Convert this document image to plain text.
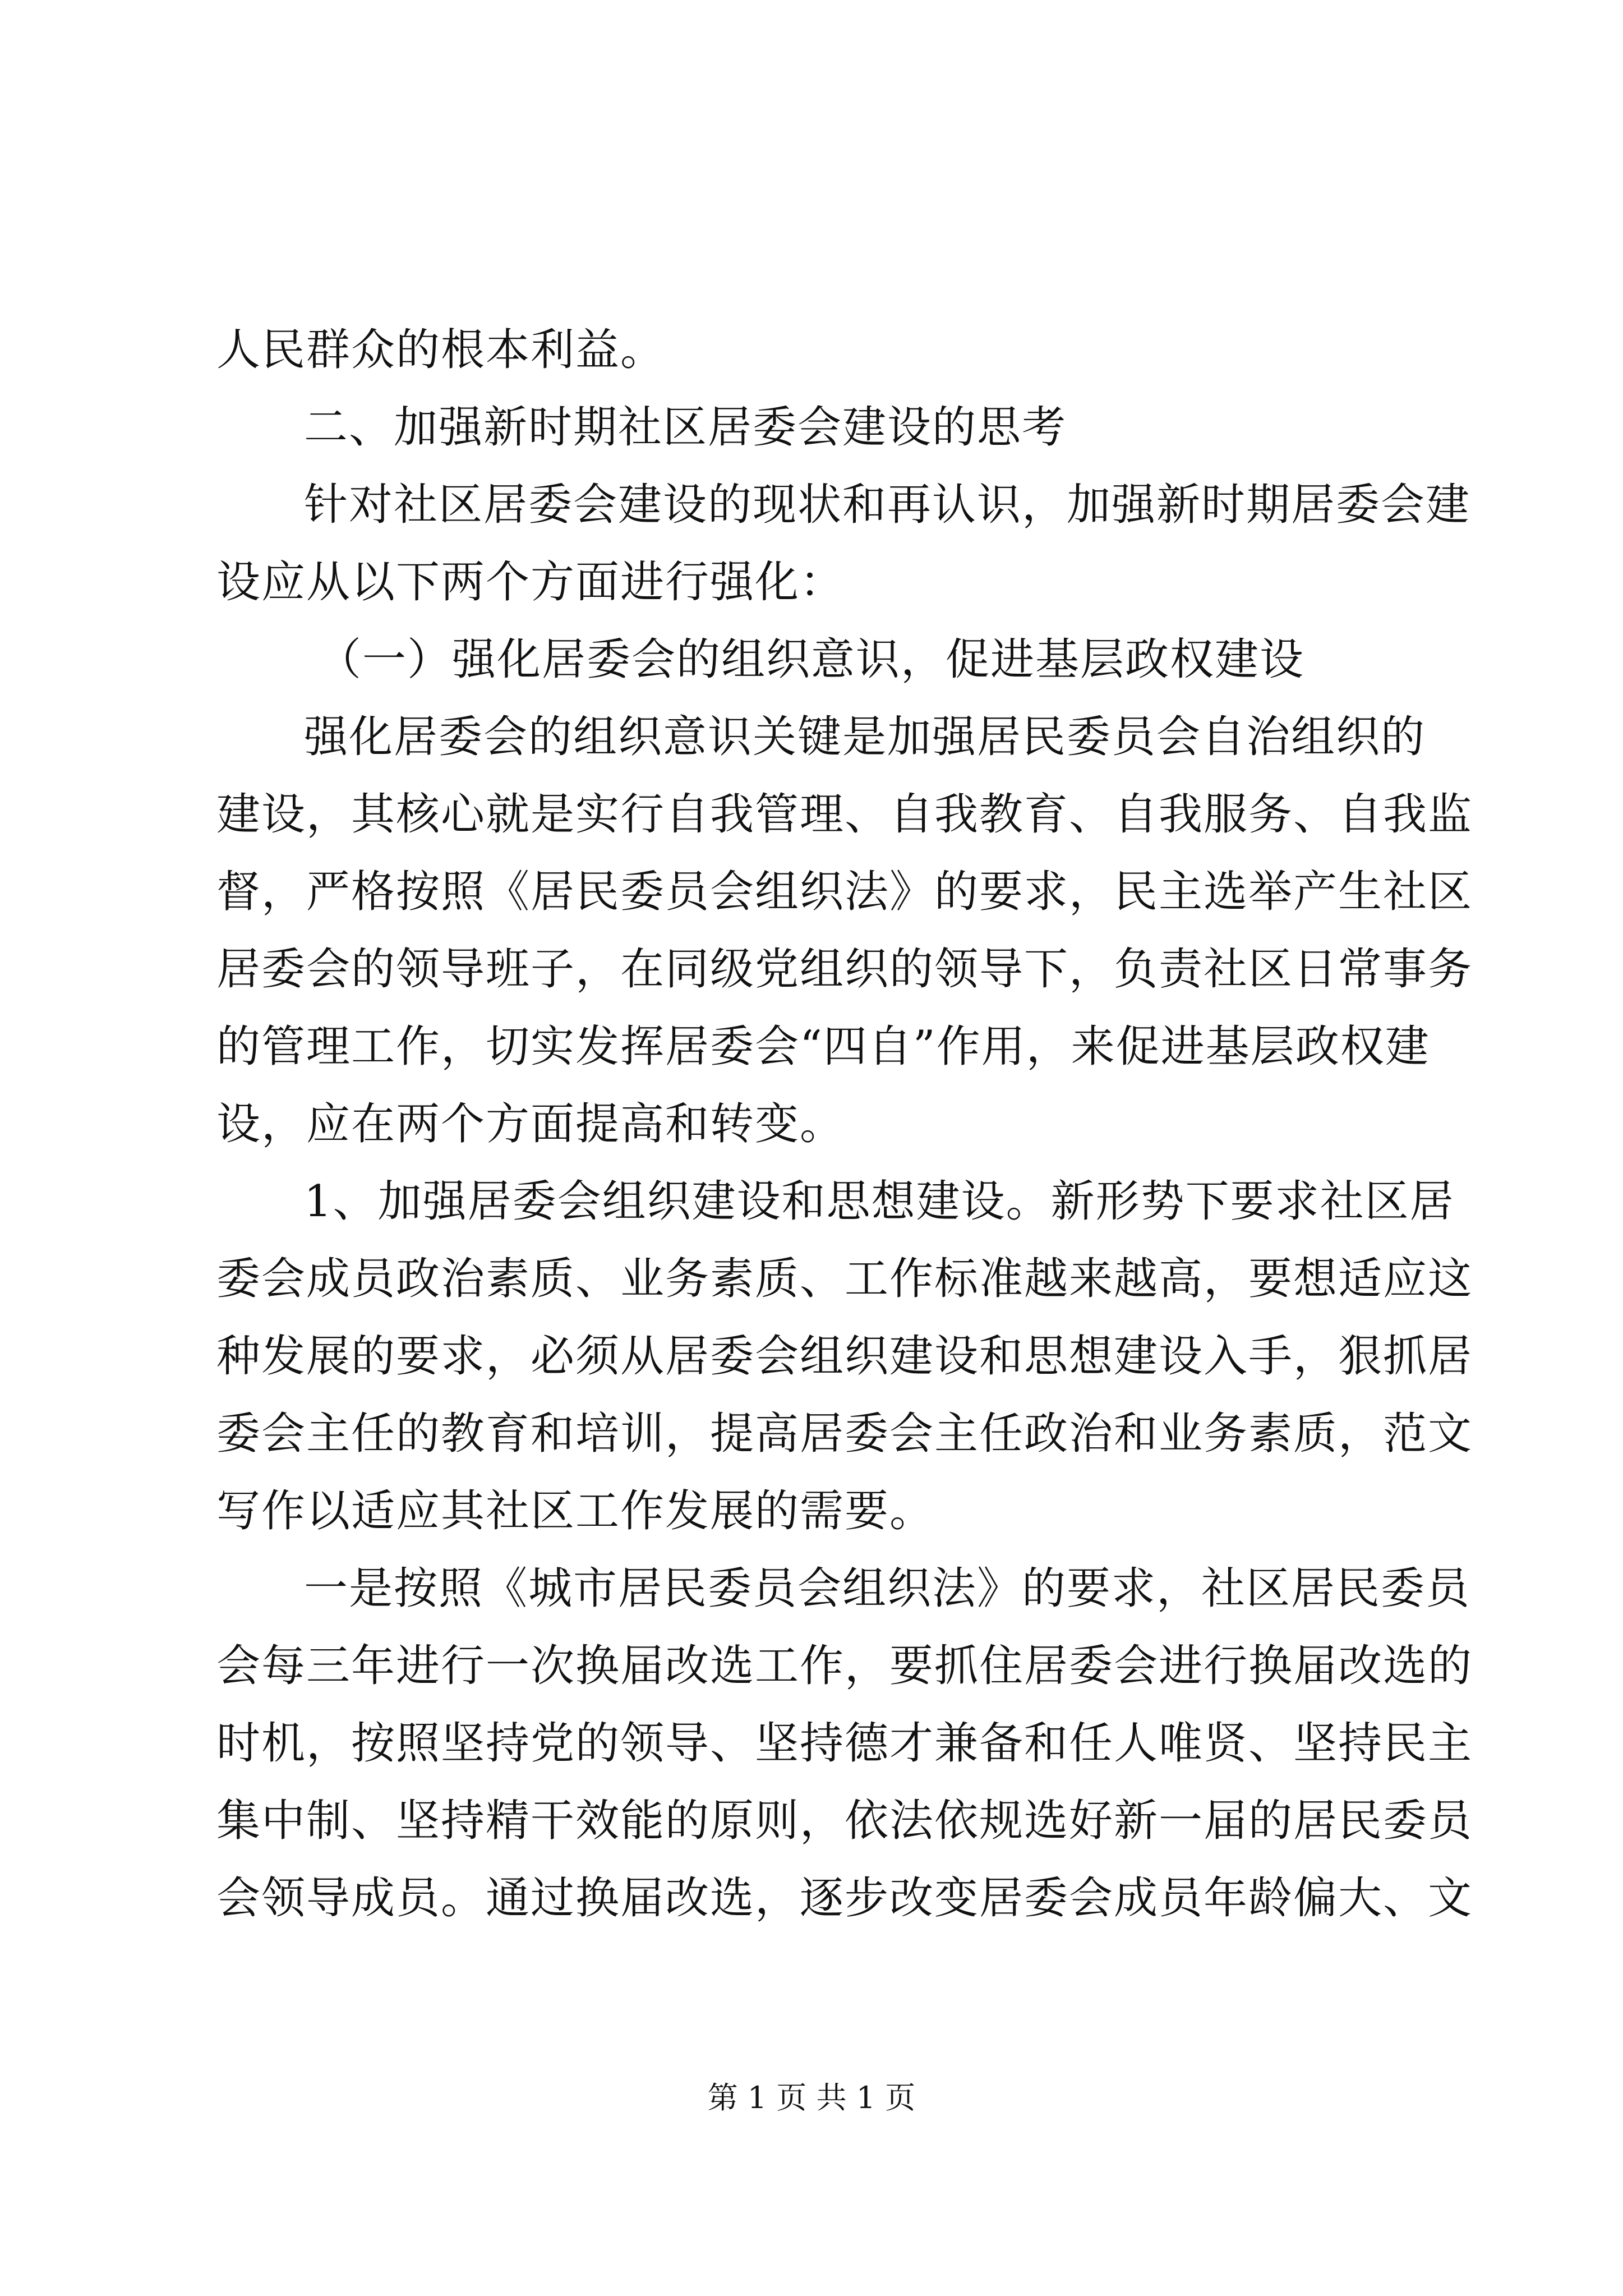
人民群众的根本利益。
二、加强新时期社区居委会建设的思考
针对社区居委会建设的现状和再认识，加强新时期居委会建
设应从以下两个方面进行强化：
（一）强化居委会的组织意识，促进基层政权建设
强化居委会的组织意识关键是加强居民委员会自治组织的
建设，其核心就是实行自我管理、自我教育、自我服务、自我监
督，严格按照《居民委员会组织法》的要求，民主选举产生社区
居委会的领导班子，在同级党组织的领导下，负责社区日常事务
的管理工作，切实发挥居委会“四自”作用，来促进基层政权建
设，应在两个方面提高和转变。
1、加强居委会组织建设和思想建设。新形势下要求社区居
委会成员政治素质、业务素质、工作标准越来越高，要想适应这
种发展的要求，必须从居委会组织建设和思想建设入手，狠抓居
委会主任的教育和培训，提高居委会主任政治和业务素质，范文
写作以适应其社区工作发展的需要。
一是按照《城市居民委员会组织法》的要求，社区居民委员
会每三年进行一次换届改选工作，要抓住居委会进行换届改选的
时机，按照坚持党的领导、坚持德才兼备和任人唯贤、坚持民主
集中制、坚持精干效能的原则，依法依规选好新一届的居民委员
会领导成员。通过换届改选，逐步改变居委会成员年龄偏大、文
第 1 页 共 1 页
